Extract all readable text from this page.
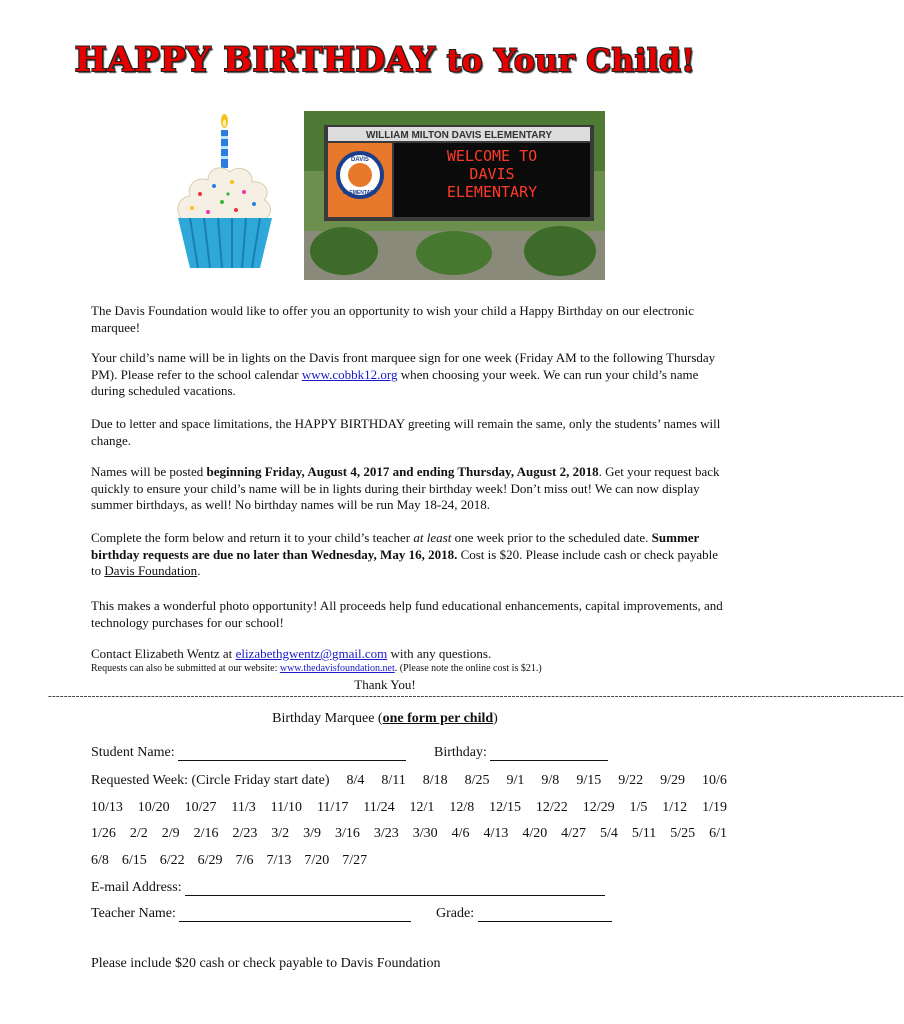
HAPPY BIRTHDAY to Your Child!
WILLIAM MILTON DAVIS ELEMENTARY
DAVIS
ELEMENTARY
WELCOME TO
DAVIS
ELEMENTARY

The Davis Foundation would like to offer you an opportunity to wish your child a Happy Birthday on our electronic marquee!

Your child’s name will be in lights on the Davis front marquee sign for one week (Friday AM to the following Thursday PM). Please refer to the school calendar www.cobbk12.org when choosing your week. We can run your child’s name during scheduled vacations.

Due to letter and space limitations, the HAPPY BIRTHDAY greeting will remain the same, only the students’ names will change.

Names will be posted beginning Friday, August 4, 2017 and ending Thursday, August 2, 2018. Get your request back quickly to ensure your child’s name will be in lights during their birthday week! Don’t miss out! We can now display summer birthdays, as well! No birthday names will be run May 18-24, 2018.

Complete the form below and return it to your child’s teacher at least one week prior to the scheduled date. Summer birthday requests are due no later than Wednesday, May 16, 2018. Cost is $20. Please include cash or check payable to Davis Foundation.

This makes a wonderful photo opportunity! All proceeds help fund educational enhancements, capital improvements, and technology purchases for our school!

Contact Elizabeth Wentz at elizabethgwentz@gmail.com with any questions.

Requests can also be submitted at our website: www.thedavisfoundation.net. (Please note the online cost is $21.)

Thank You!
------------------------------------------------------------------------------------------------------------------------------------------------------------------------------------------------------------------------
Birthday Marquee (one form per child)
Student Name:	Birthday:
Requested Week: (Circle Friday start date) 8/4 8/11 8/18 8/25 9/1 9/8 9/15 9/22 9/29 10/6
10/13 10/20 10/27 11/3 11/10 11/17 11/24 12/1 12/8 12/15 12/22 12/29 1/5 1/12 1/19
1/26 2/2 2/9 2/16 2/23 3/2 3/9 3/16 3/23 3/30 4/6 4/13 4/20 4/27 5/4 5/11 5/25 6/1
6/8 6/15 6/22 6/29 7/6 7/13 7/20 7/27
E-mail Address:
Teacher Name:	Grade:
Please include $20 cash or check payable to Davis Foundation
